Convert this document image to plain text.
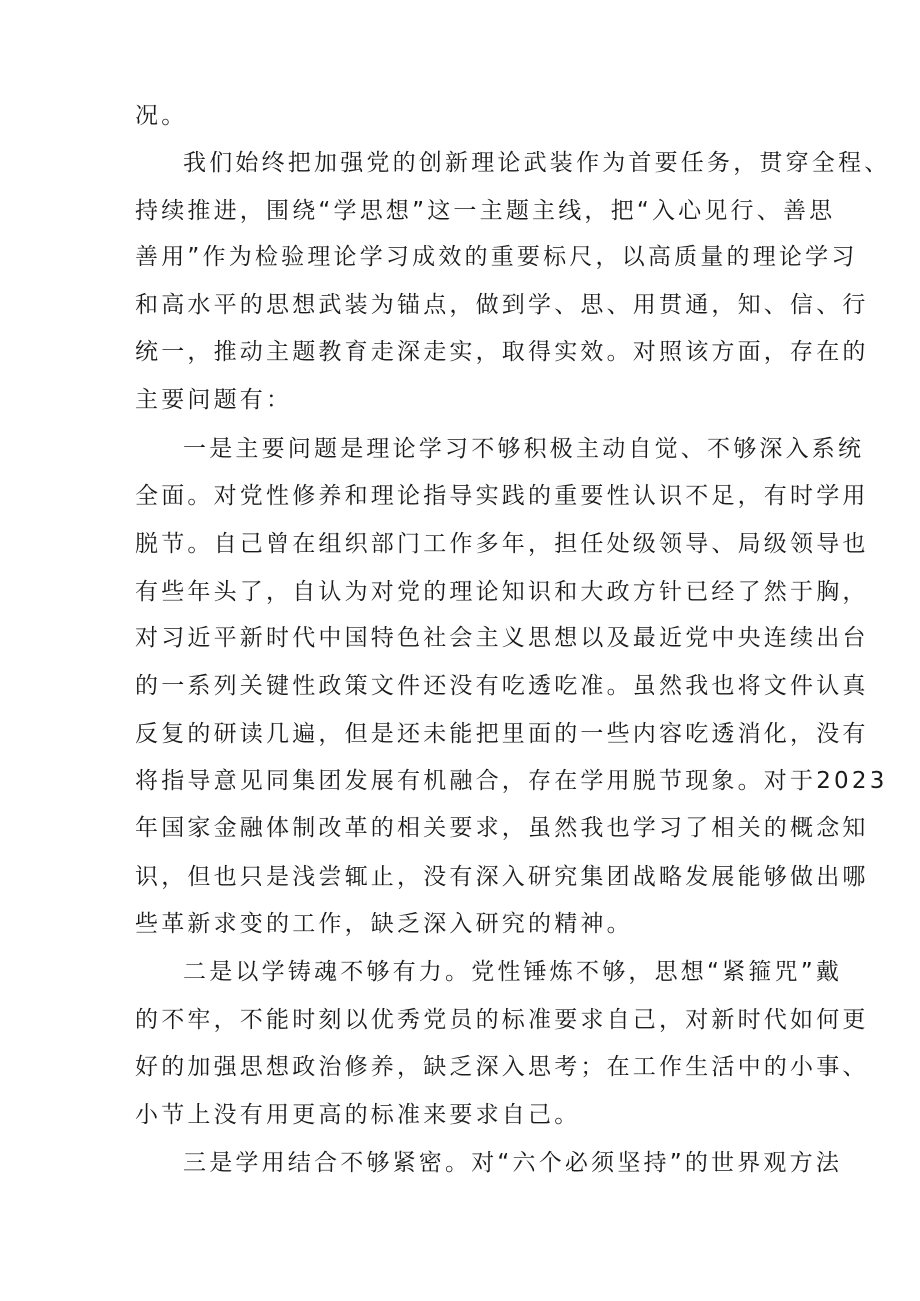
况。
我们始终把加强党的创新理论武装作为首要任务，贯穿全程、
持续推进，围绕“学思想”这一主题主线，把“入心见行、善思
善用”作为检验理论学习成效的重要标尺，以高质量的理论学习
和高水平的思想武装为锚点，做到学、思、用贯通，知、信、行
统一，推动主题教育走深走实，取得实效。对照该方面，存在的
主要问题有：
一是主要问题是理论学习不够积极主动自觉、不够深入系统
全面。对党性修养和理论指导实践的重要性认识不足，有时学用
脱节。自己曾在组织部门工作多年，担任处级领导、局级领导也
有些年头了，自认为对党的理论知识和大政方针已经了然于胸，
对习近平新时代中国特色社会主义思想以及最近党中央连续出台
的一系列关键性政策文件还没有吃透吃准。虽然我也将文件认真
反复的研读几遍，但是还未能把里面的一些内容吃透消化，没有
将指导意见同集团发展有机融合，存在学用脱节现象。对于2023
年国家金融体制改革的相关要求，虽然我也学习了相关的概念知
识，但也只是浅尝辄止，没有深入研究集团战略发展能够做出哪
些革新求变的工作，缺乏深入研究的精神。
二是以学铸魂不够有力。党性锤炼不够，思想“紧箍咒”戴
的不牢，不能时刻以优秀党员的标准要求自己，对新时代如何更
好的加强思想政治修养，缺乏深入思考；在工作生活中的小事、
小节上没有用更高的标准来要求自己。
三是学用结合不够紧密。对“六个必须坚持”的世界观方法
